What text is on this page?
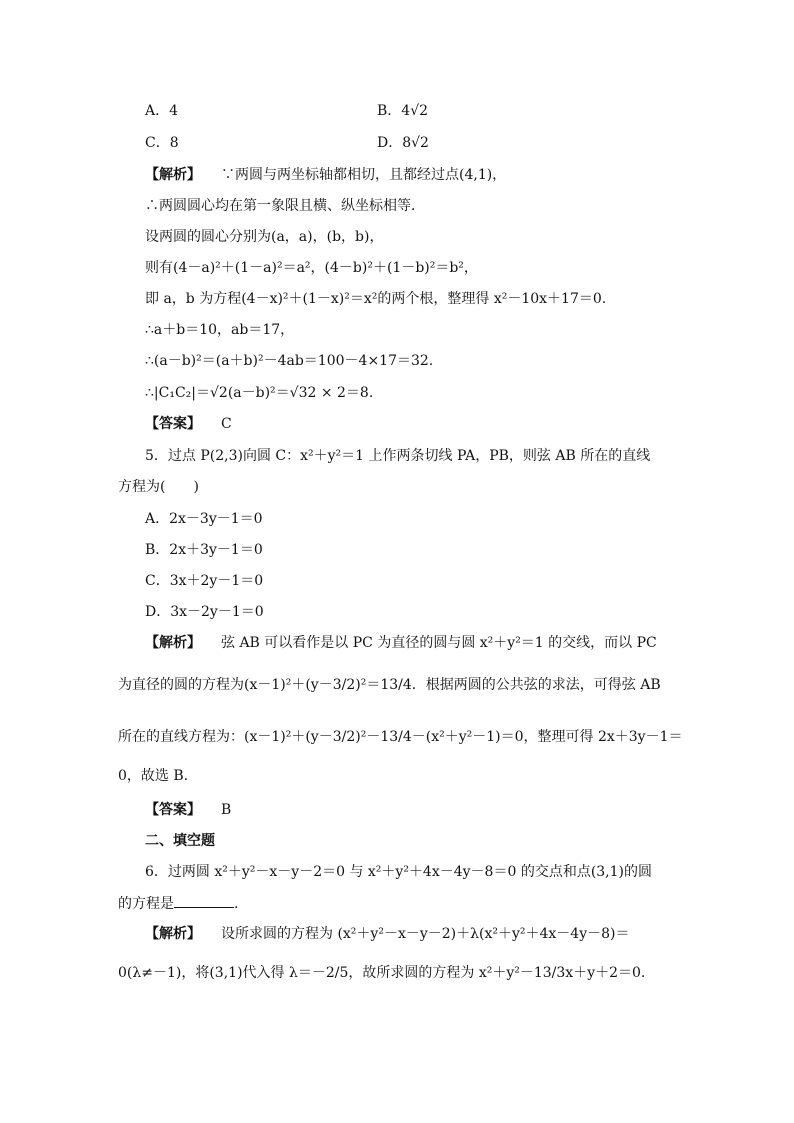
A．4	B．4√2
C．8	D．8√2
【解析】 ∵两圆与两坐标轴都相切，且都经过点(4,1)，
∴两圆圆心均在第一象限且横、纵坐标相等．
设两圆的圆心分别为(a，a)，(b，b)，
则有(4－a)²＋(1－a)²＝a²，(4－b)²＋(1－b)²＝b²，
即 a，b 为方程(4－x)²＋(1－x)²＝x²的两个根，整理得 x²－10x＋17＝0.
∴a＋b＝10，ab＝17，
∴(a－b)²＝(a＋b)²－4ab＝100－4×17＝32.
∴|C₁C₂|＝√2(a－b)²＝√32 × 2＝8.
【答案】 C
5．过点 P(2,3)向圆 C：x²＋y²＝1 上作两条切线 PA，PB，则弦 AB 所在的直线
方程为(　　)
A．2x－3y－1＝0
B．2x＋3y－1＝0
C．3x＋2y－1＝0
D．3x－2y－1＝0
【解析】 弦 AB 可以看作是以 PC 为直径的圆与圆 x²＋y²＝1 的交线，而以 PC
为直径的圆的方程为(x－1)²＋(y－3/2)²＝13/4．根据两圆的公共弦的求法，可得弦 AB
所在的直线方程为：(x－1)²＋(y－3/2)²－13/4－(x²＋y²－1)＝0，整理可得 2x＋3y－1＝
0，故选 B.
【答案】 B
二、填空题
6．过两圆 x²＋y²－x－y－2＝0 与 x²＋y²＋4x－4y－8＝0 的交点和点(3,1)的圆
的方程是	.
【解析】 设所求圆的方程为 (x²＋y²－x－y－2)＋λ(x²＋y²＋4x－4y－8)＝
0(λ≠－1)，将(3,1)代入得 λ＝－2/5，故所求圆的方程为 x²＋y²－13/3x＋y＋2＝0.
